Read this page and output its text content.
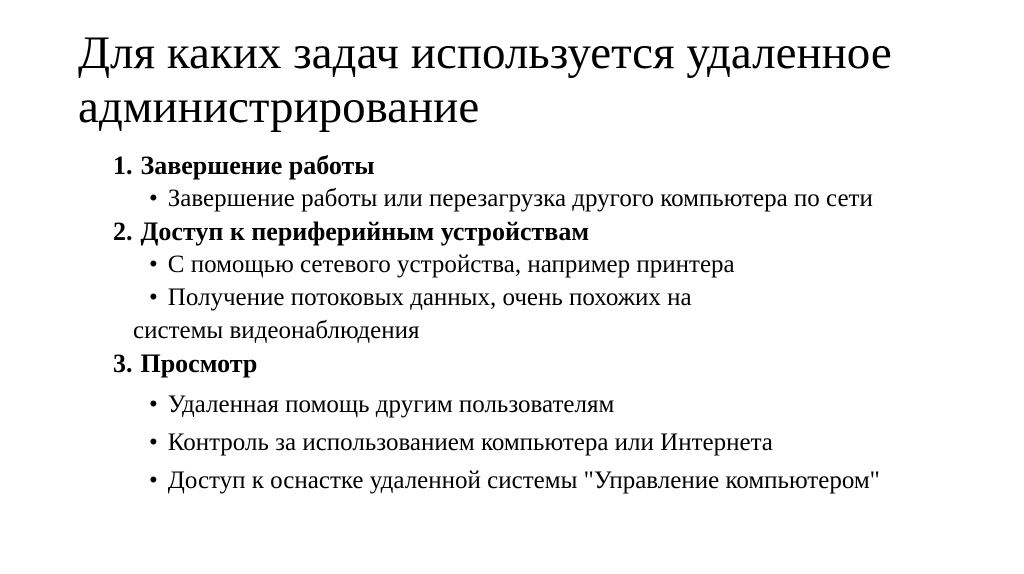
Для каких задач используется удаленное
администрирование
1. Завершение работы
• Завершение работы или перезагрузка другого компьютера по сети
2. Доступ к периферийным устройствам
• С помощью сетевого устройства, например принтера
• Получение потоковых данных, очень похожих на
системы видеонаблюдения
3. Просмотр
• Удаленная помощь другим пользователям
• Контроль за использованием компьютера или Интернета
• Доступ к оснастке удаленной системы "Управление компьютером"
